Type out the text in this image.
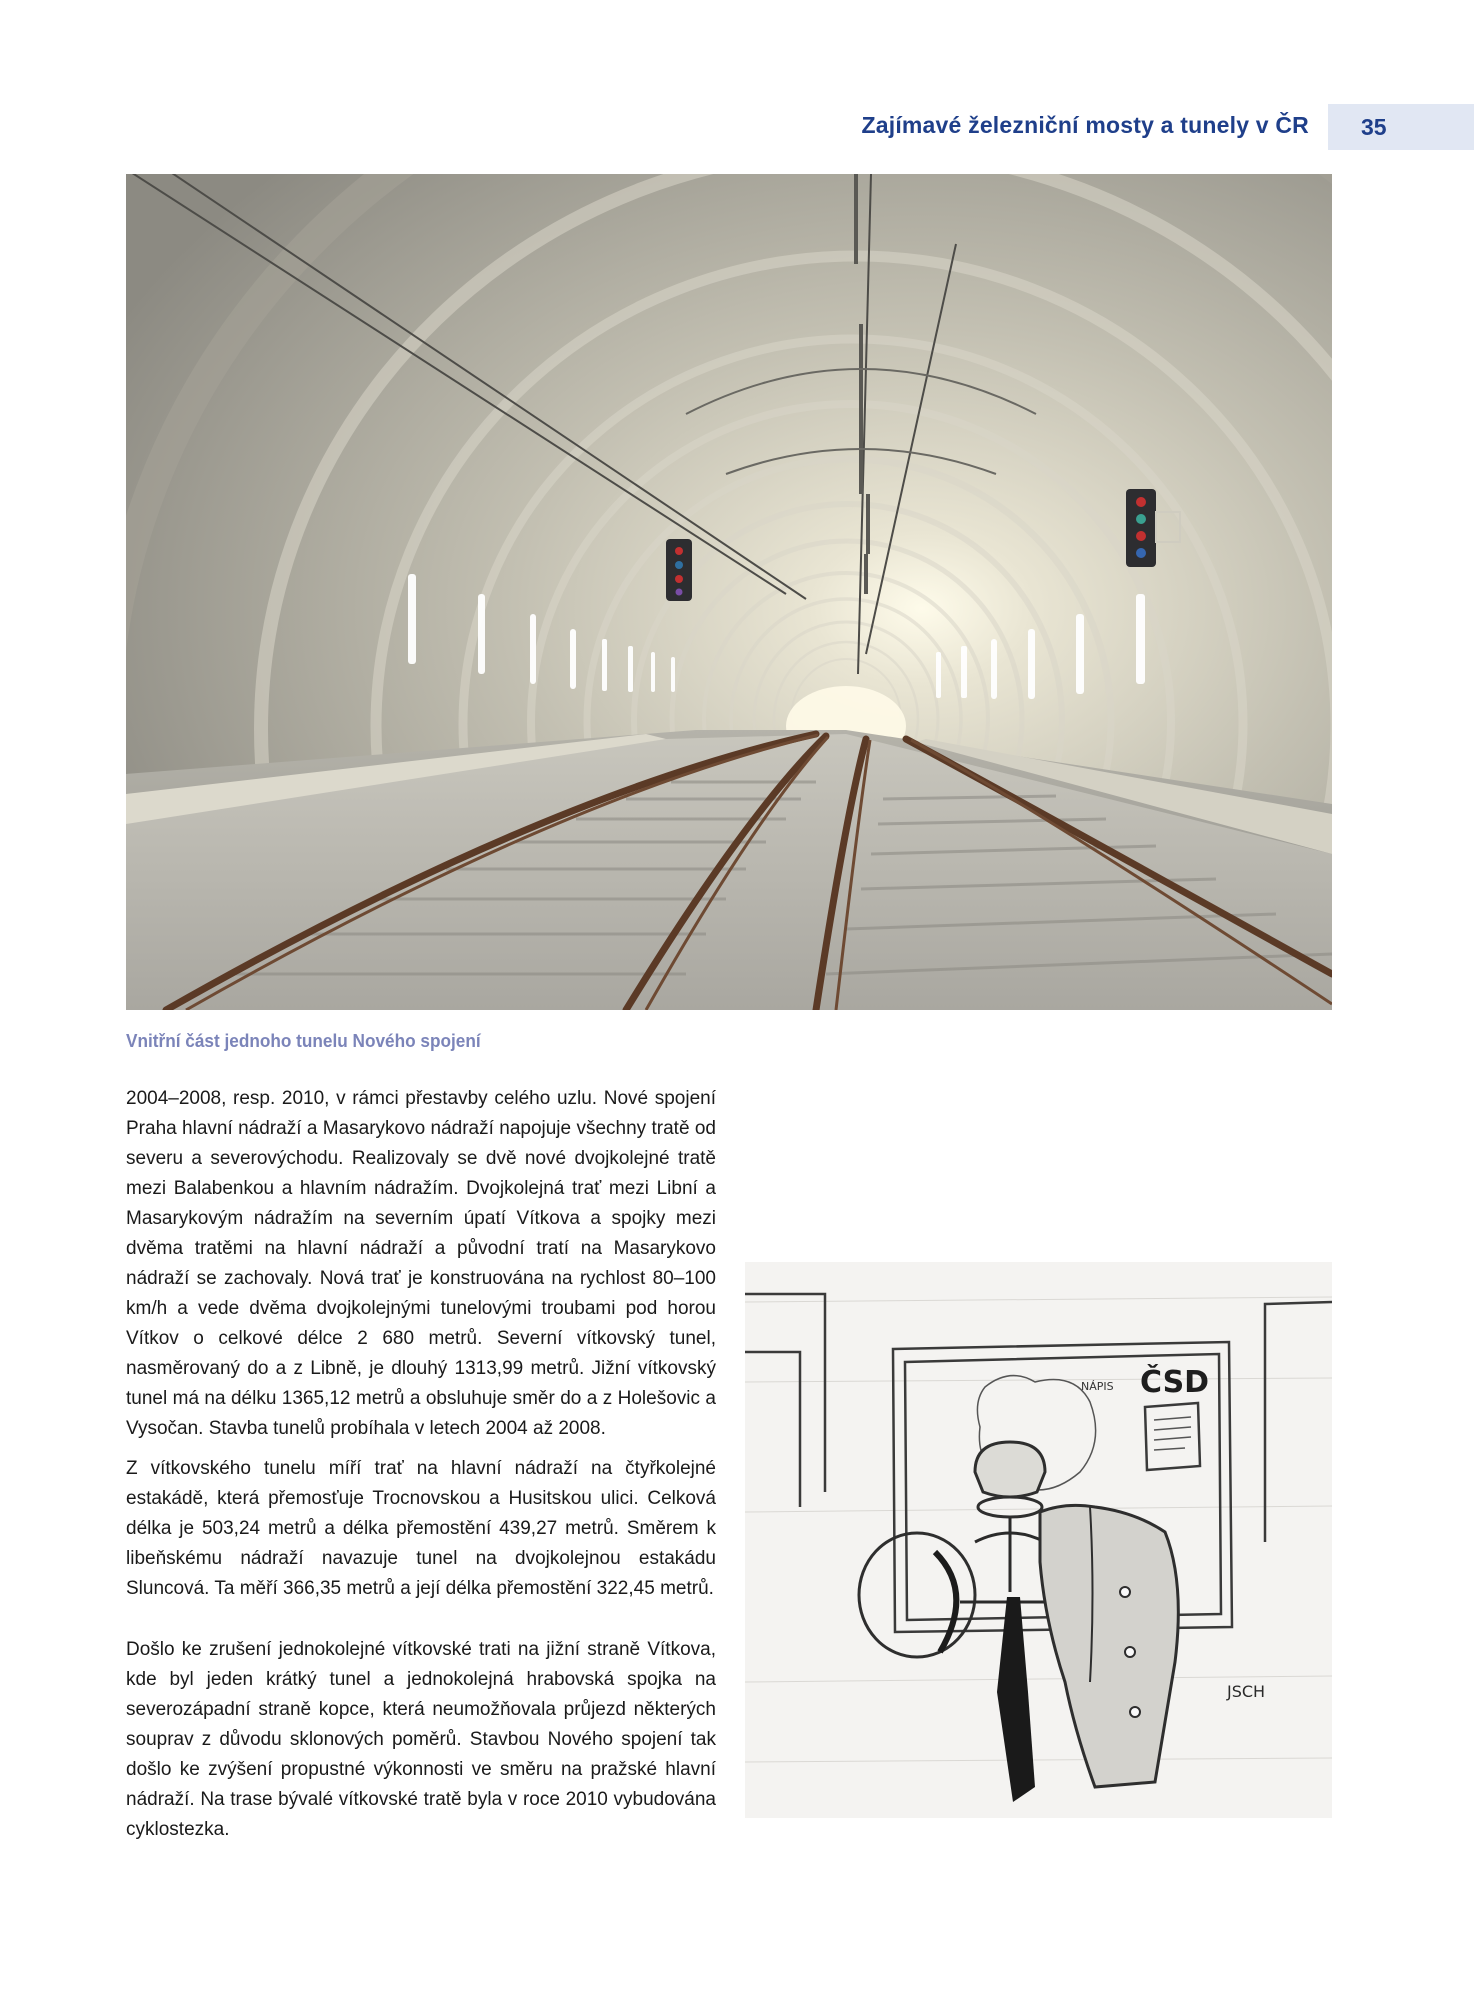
Zajímavé železniční mosty a tunely v ČR 35
Vnitřní část jednoho tunelu Nového spojení

2004–2008, resp. 2010, v rámci přestavby celého uzlu. Nové spojení Praha hlavní nádraží a Masarykovo nádraží napojuje všechny tratě od severu a severovýchodu. Realizovaly se dvě nové dvojkolejné tratě mezi Balabenkou a hlavním nádražím. Dvojkolejná trať mezi Libní a Masarykovým nádražím na severním úpatí Vítkova a spojky mezi dvěma tratěmi na hlavní nádraží a původní tratí na Masarykovo nádraží se zachovaly. Nová trať je konstruována na rychlost 80–100 km/h a vede dvěma dvojkolejnými tunelovými troubami pod horou Vítkov o celkové délce 2 680 metrů. Severní vítkovský tunel, nasměrovaný do a z Libně, je dlouhý 1313,99 metrů. Jižní vítkovský tunel má na délku 1365,12 metrů a obsluhuje směr do a z Holešovic a Vysočan. Stavba tunelů probíhala v letech 2004 až 2008.

Z vítkovského tunelu míří trať na hlavní nádraží na čtyřkolejné estakádě, která přemosťuje Trocnovskou a Husitskou ulici. Celková délka je 503,24 metrů a délka přemostění 439,27 metrů. Směrem k libeňskému nádraží navazuje tunel na dvojkolejnou estakádu Sluncová. Ta měří 366,35 metrů a její délka přemostění 322,45 metrů.

Došlo ke zrušení jednokolejné vítkovské trati na jižní straně Vítkova, kde byl jeden krátký tunel a jednokolejná hrabovská spojka na severozápadní straně kopce, která neumožňovala průjezd některých souprav z důvodu sklonových poměrů. Stavbou Nového spojení tak došlo ke zvýšení propustné výkonnosti ve směru na pražské hlavní nádraží. Na trase bývalé vítkovské tratě byla v roce 2010 vybudována cyklostezka.

ČSD
NÁPIS
JSCH
